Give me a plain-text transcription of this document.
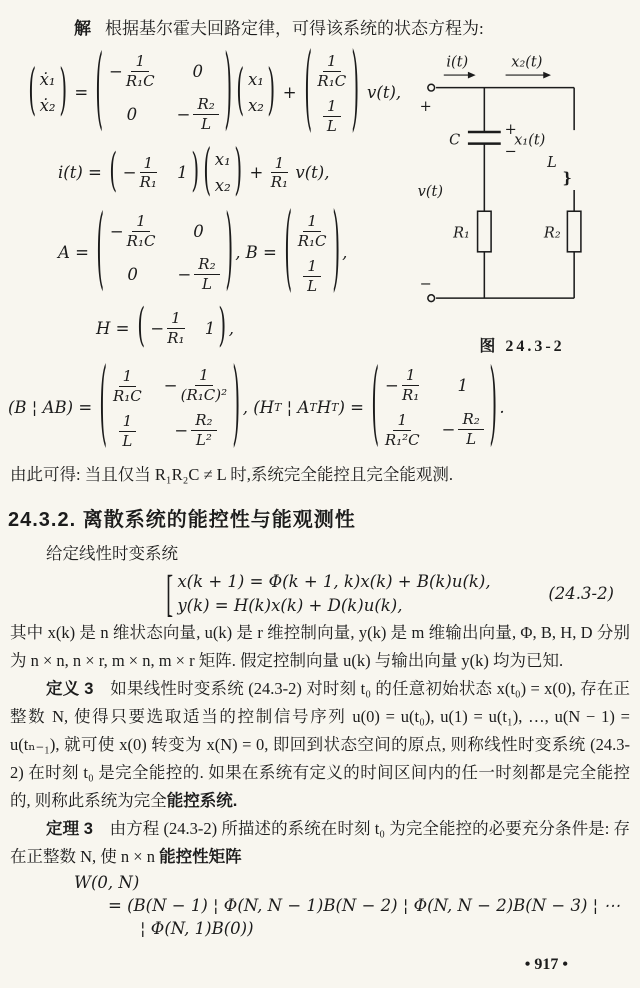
解 根据基尔霍夫回路定律，可得该系统的状态方程为:

( ẋ₁
ẋ₂ ) = ( − $\frac{1}{\text{R₁C}} 0$
$0 - \frac{\text{R₂}}{L}$ ) ( x₁
x₂ ) + ( $\frac{1}{\text{R₁C}}$
$\frac{1}{L}$ ) v(t),
i(t) = ( − $\frac{1}{\text{R₁}} 1$ ) ( x₁
x₂ ) + $\frac{1}{\text{R₁}} v(t)$,
A = ( − $\frac{1}{\text{R₁C}} 0$
$0 - \frac{\text{R₂}}{L}$ ) , B = ( $\frac{1}{\text{R₁C}}$
$\frac{1}{L}$ ) ,
H = ( − $\frac{1}{\text{R₁}} 1$ ) ,
i(t)	x₂(t)
+
C
+
−
x₁(t)
L
}
v(t)
R₁	R₂
−
图 24.3-2
(B ¦ AB) = ( $\frac{1}{\text{R₁C}} - \frac{1}{\text{(R₁C)²}}$
$\frac{1}{L} - \frac{\text{R₂}}{\text{L²}}$ ) , (H T ¦ A T H T ) = ( − $\frac{1}{\text{R₁}} 1$
$\frac{1}{\text{R₁²C}} - \frac{\text{R₂}}{L}$ ) .

由此可得: 当且仅当 R₁R₂C ≠ L 时,系统完全能控且完全能观测.

24.3.2. 离散系统的能控性与能观测性

给定线性时变系统

[ x(k + 1) = Φ(k + 1, k)x(k) + B(k)u(k),
y(k) = H(k)x(k) + D(k)u(k),
(24.3-2)

其中 x(k) 是 n 维状态向量, u(k) 是 r 维控制向量, y(k) 是 m 维输出向量, Φ, B, H, D 分别为 n × n, n × r, m × n, m × r 矩阵. 假定控制向量 u(k) 与输出向量 y(k) 均为已知.

定义 3　如果线性时变系统 (24.3-2) 对时刻 t₀ 的任意初始状态 x(t₀) = x(0), 存在正整数 N, 使得只要选取适当的控制信号序列 u(0) = u(t₀), u(1) = u(t₁), …, u(N − 1) = u(tₙ₋₁), 就可使 x(0) 转变为 x(N) = 0, 即回到状态空间的原点, 则称线性时变系统 (24.3-2) 在时刻 t₀ 是完全能控的. 如果在系统有定义的时间区间内的任一时刻都是完全能控的, 则称此系统为完全能控系统.

定理 3　由方程 (24.3-2) 所描述的系统在时刻 t₀ 为完全能控的必要充分条件是: 存在正整数 N, 使 n × n 能控性矩阵

W(0, N)
= (B(N − 1) ¦ Φ(N, N − 1)B(N − 2) ¦ Φ(N, N − 2)B(N − 3) ¦ ⋯
¦ Φ(N, 1)B(0))
• 917 •
